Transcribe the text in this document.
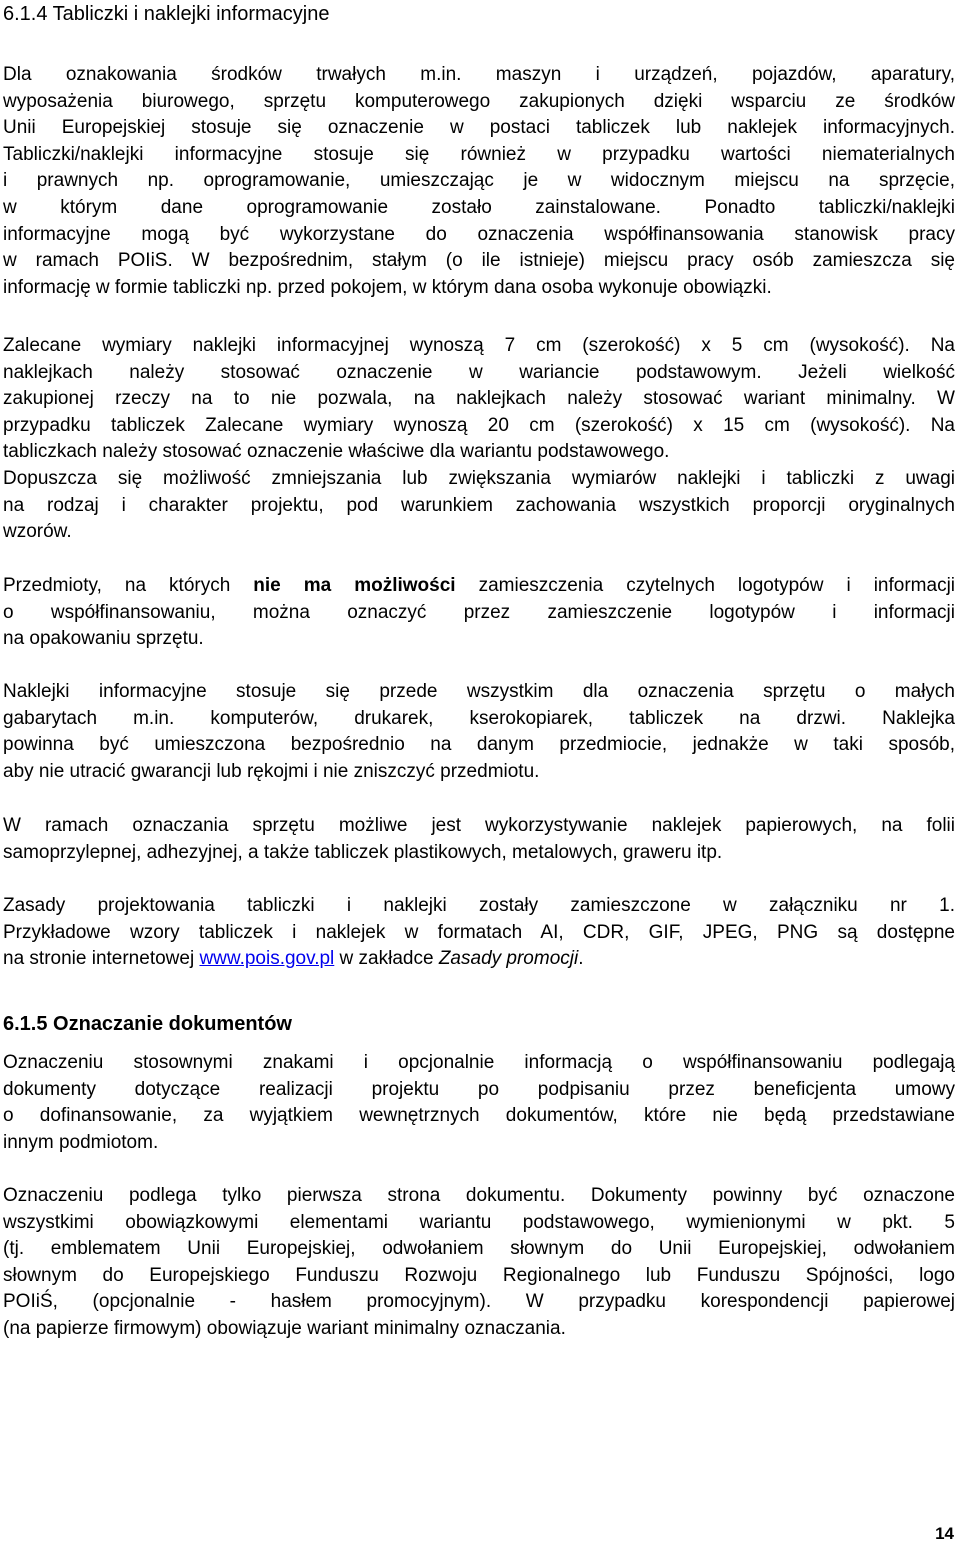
6.1.4 Tabliczki i naklejki informacyjne
Dla oznakowania środków trwałych m.in. maszyn i urządzeń, pojazdów, aparatury,
wyposażenia biurowego, sprzętu komputerowego zakupionych dzięki wsparciu ze środków
Unii Europejskiej stosuje się oznaczenie w postaci tabliczek lub naklejek informacyjnych.
Tabliczki/naklejki informacyjne stosuje się również w przypadku wartości niematerialnych
i prawnych np. oprogramowanie, umieszczając je w widocznym miejscu na sprzęcie,
w którym dane oprogramowanie zostało zainstalowane. Ponadto tabliczki/naklejki
informacyjne mogą być wykorzystane do oznaczenia współfinansowania stanowisk pracy
w ramach POIiS. W bezpośrednim, stałym (o ile istnieje) miejscu pracy osób zamieszcza się
informację w formie tabliczki np. przed pokojem, w którym dana osoba wykonuje obowiązki.
Zalecane wymiary naklejki informacyjnej wynoszą 7 cm (szerokość) x 5 cm (wysokość). Na
naklejkach należy stosować oznaczenie w wariancie podstawowym. Jeżeli wielkość
zakupionej rzeczy na to nie pozwala, na naklejkach należy stosować wariant minimalny. W
przypadku tabliczek Zalecane wymiary wynoszą 20 cm (szerokość) x 15 cm (wysokość). Na
tabliczkach należy stosować oznaczenie właściwe dla wariantu podstawowego.
Dopuszcza się możliwość zmniejszania lub zwiększania wymiarów naklejki i tabliczki z uwagi
na rodzaj i charakter projektu, pod warunkiem zachowania wszystkich proporcji oryginalnych
wzorów.
Przedmioty, na których nie ma możliwości zamieszczenia czytelnych logotypów i informacji
o współfinansowaniu, można oznaczyć przez zamieszczenie logotypów i informacji
na opakowaniu sprzętu.
Naklejki informacyjne stosuje się przede wszystkim dla oznaczenia sprzętu o małych
gabarytach m.in. komputerów, drukarek, kserokopiarek, tabliczek na drzwi. Naklejka
powinna być umieszczona bezpośrednio na danym przedmiocie, jednakże w taki sposób,
aby nie utracić gwarancji lub rękojmi i nie zniszczyć przedmiotu.
W ramach oznaczania sprzętu możliwe jest wykorzystywanie naklejek papierowych, na folii
samoprzylepnej, adhezyjnej, a także tabliczek plastikowych, metalowych, graweru itp.
Zasady projektowania tabliczki i naklejki zostały zamieszczone w załączniku nr 1.
Przykładowe wzory tabliczek i naklejek w formatach AI, CDR, GIF, JPEG, PNG są dostępne
na stronie internetowej www.pois.gov.pl w zakładce Zasady promocji.
6.1.5 Oznaczanie dokumentów
Oznaczeniu stosownymi znakami i opcjonalnie informacją o współfinansowaniu podlegają
dokumenty dotyczące realizacji projektu po podpisaniu przez beneficjenta umowy
o dofinansowanie, za wyjątkiem wewnętrznych dokumentów, które nie będą przedstawiane
innym podmiotom.
Oznaczeniu podlega tylko pierwsza strona dokumentu. Dokumenty powinny być oznaczone
wszystkimi obowiązkowymi elementami wariantu podstawowego, wymienionymi w pkt. 5
(tj. emblematem Unii Europejskiej, odwołaniem słownym do Unii Europejskiej, odwołaniem
słownym do Europejskiego Funduszu Rozwoju Regionalnego lub Funduszu Spójności, logo
POIiŚ, (opcjonalnie - hasłem promocyjnym). W przypadku korespondencji papierowej
(na papierze firmowym) obowiązuje wariant minimalny oznaczania.
14
